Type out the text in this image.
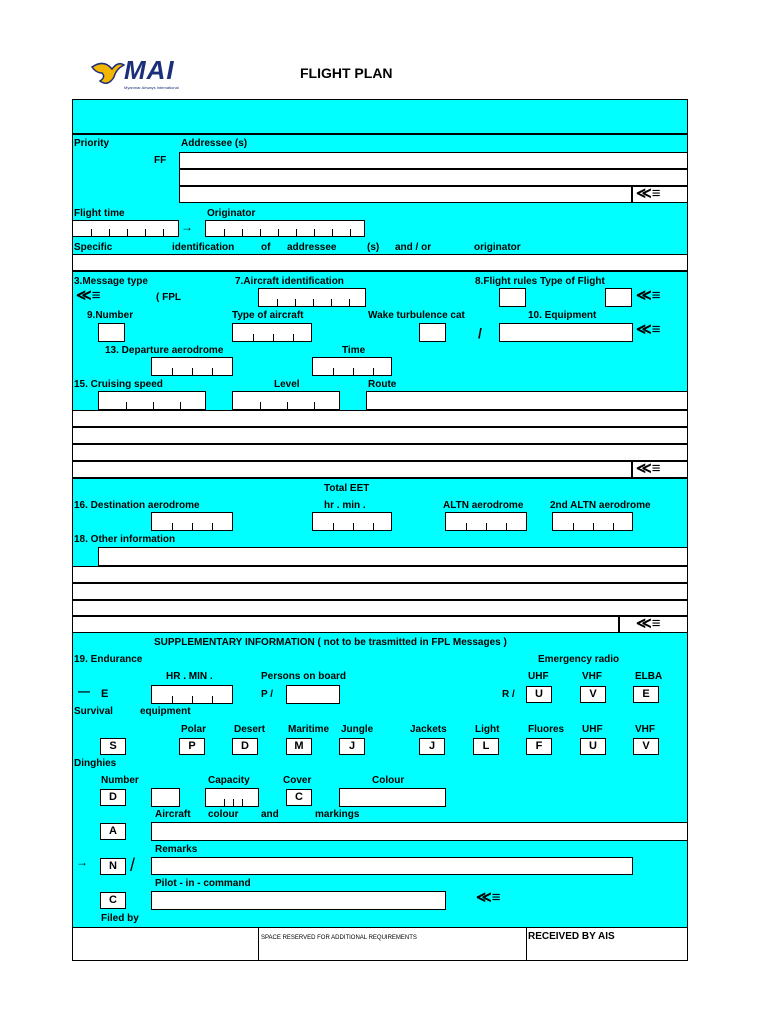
MAI
Myanmar Airways International
FLIGHT PLAN
Priority	Addressee (s)
FF
≪≡
Flight time	Originator
→
Specific	identification	of addressee	(s) and / or	originator
3.Message type	7.Aircraft identification	8.Flight rules Type of Flight
≪≡	( FPL	≪≡
9.Number	Type of aircraft	Wake turbulence cat	10. Equipment
/	≪≡
13. Departure aerodrome	Time
15. Cruising speed	Level	Route
≪≡
Total EET
16. Destination aerodrome	hr . min .	ALTN aerodrome	2nd ALTN aerodrome
18. Other information
≪≡
SUPPLEMENTARY INFORMATION ( not to be trasmitted in FPL Messages )
19. Endurance	Emergency radio
HR . MIN .	Persons on board	UHF	VHF	ELBA
— E	P /	R /	U	V	E
Survival	equipment
Polar	Desert Maritime Jungle	Jackets	Light	Fluores UHF	VHF
S	P	D	M	J	J	L	F	U	V
Dinghies
Number	Capacity	Cover	Colour
D	C
Aircraft colour and	markings
A
Remarks
→	N /
Pilot - in - command
C	≪≡
Filed by
SPACE RESERVED FOR ADDITIONAL REQUIREMENTS	RECEIVED BY AIS
